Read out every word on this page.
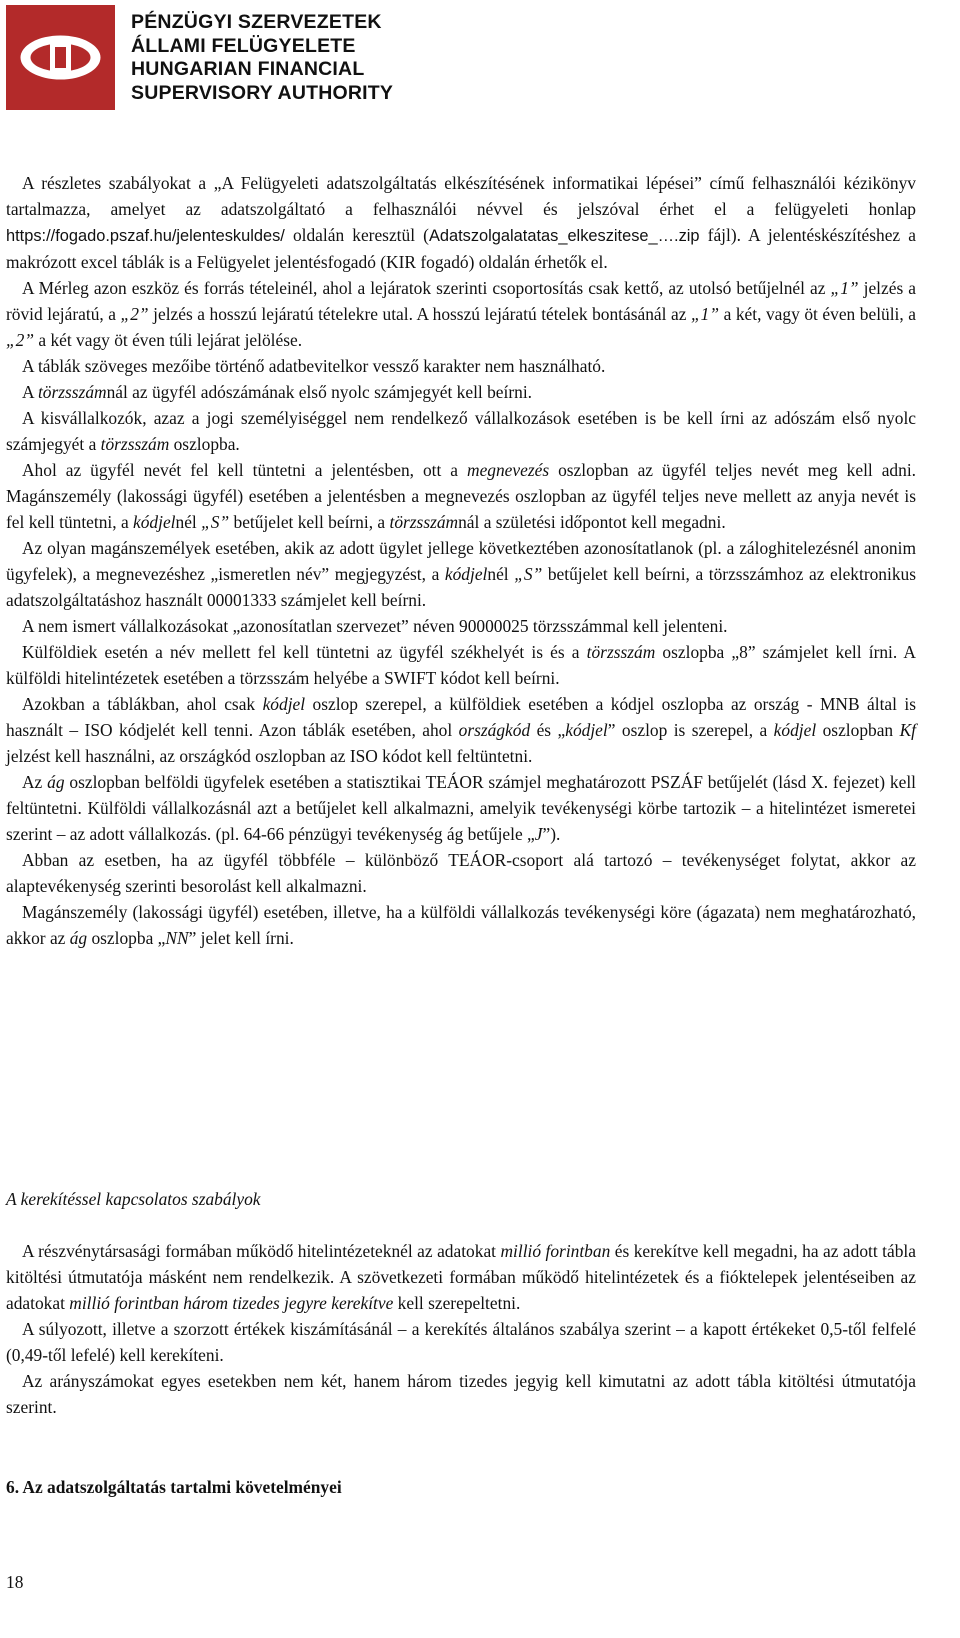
PÉNZÜGYI SZERVEZETEK
ÁLLAMI FELÜGYELETE
HUNGARIAN FINANCIAL
SUPERVISORY AUTHORITY

A részletes szabályokat a „A Felügyeleti adatszolgáltatás elkészítésének informatikai lépései” című felhasználói kézikönyv tartalmazza, amelyet az adatszolgáltató a felhasználói névvel és jelszóval érhet el a felügyeleti honlap https://fogado.pszaf.hu/jelenteskuldes/ oldalán keresztül (Adatszolgalatatas_elkeszitese_….zip fájl). A jelentéskészítéshez a makrózott excel táblák is a Felügyelet jelentésfogadó (KIR fogadó) oldalán érhetők el.

A Mérleg azon eszköz és forrás tételeinél, ahol a lejáratok szerinti csoportosítás csak kettő, az utolsó betűjelnél az „1” jelzés a rövid lejáratú, a „2” jelzés a hosszú lejáratú tételekre utal. A hosszú lejáratú tételek bontásánál az „1” a két, vagy öt éven belüli, a „2” a két vagy öt éven túli lejárat jelölése.

A táblák szöveges mezőibe történő adatbevitelkor vessző karakter nem használható.

A törzsszámnál az ügyfél adószámának első nyolc számjegyét kell beírni.

A kisvállalkozók, azaz a jogi személyiséggel nem rendelkező vállalkozások esetében is be kell írni az adószám első nyolc számjegyét a törzsszám oszlopba.

Ahol az ügyfél nevét fel kell tüntetni a jelentésben, ott a megnevezés oszlopban az ügyfél teljes nevét meg kell adni. Magánszemély (lakossági ügyfél) esetében a jelentésben a megnevezés oszlopban az ügyfél teljes neve mellett az anyja nevét is fel kell tüntetni, a kódjelnél „S” betűjelet kell beírni, a törzsszámnál a születési időpontot kell megadni.

Az olyan magánszemélyek esetében, akik az adott ügylet jellege következtében azonosítatlanok (pl. a záloghitelezésnél anonim ügyfelek), a megnevezéshez „ismeretlen név” megjegyzést, a kódjelnél „S” betűjelet kell beírni, a törzsszámhoz az elektronikus adatszolgáltatáshoz használt 00001333 számjelet kell beírni.

A nem ismert vállalkozásokat „azonosítatlan szervezet” néven 90000025 törzsszámmal kell jelenteni.

Külföldiek esetén a név mellett fel kell tüntetni az ügyfél székhelyét is és a törzsszám oszlopba „8” számjelet kell írni. A külföldi hitelintézetek esetében a törzsszám helyébe a SWIFT kódot kell beírni.

Azokban a táblákban, ahol csak kódjel oszlop szerepel, a külföldiek esetében a kódjel oszlopba az ország - MNB által is használt – ISO kódjelét kell tenni. Azon táblák esetében, ahol országkód és „kódjel” oszlop is szerepel, a kódjel oszlopban Kf jelzést kell használni, az országkód oszlopban az ISO kódot kell feltüntetni.

Az ág oszlopban belföldi ügyfelek esetében a statisztikai TEÁOR számjel meghatározott PSZÁF betűjelét (lásd X. fejezet) kell feltüntetni. Külföldi vállalkozásnál azt a betűjelet kell alkalmazni, amelyik tevékenységi körbe tartozik – a hitelintézet ismeretei szerint – az adott vállalkozás. (pl. 64-66 pénzügyi tevékenység ág betűjele „J”).

Abban az esetben, ha az ügyfél többféle – különböző TEÁOR-csoport alá tartozó – tevékenységet folytat, akkor az alaptevékenység szerinti besorolást kell alkalmazni.

Magánszemély (lakossági ügyfél) esetében, illetve, ha a külföldi vállalkozás tevékenységi köre (ágazata) nem meghatározható, akkor az ág oszlopba „NN” jelet kell írni.

A kerekítéssel kapcsolatos szabályok

A részvénytársasági formában működő hitelintézeteknél az adatokat millió forintban és kerekítve kell megadni, ha az adott tábla kitöltési útmutatója másként nem rendelkezik. A szövetkezeti formában működő hitelintézetek és a fióktelepek jelentéseiben az adatokat millió forintban három tizedes jegyre kerekítve kell szerepeltetni.

A súlyozott, illetve a szorzott értékek kiszámításánál – a kerekítés általános szabálya szerint – a kapott értékeket 0,5-től felfelé (0,49-től lefelé) kell kerekíteni.

Az arányszámokat egyes esetekben nem két, hanem három tizedes jegyig kell kimutatni az adott tábla kitöltési útmutatója szerint.

6. Az adatszolgáltatás tartalmi követelményei
18
